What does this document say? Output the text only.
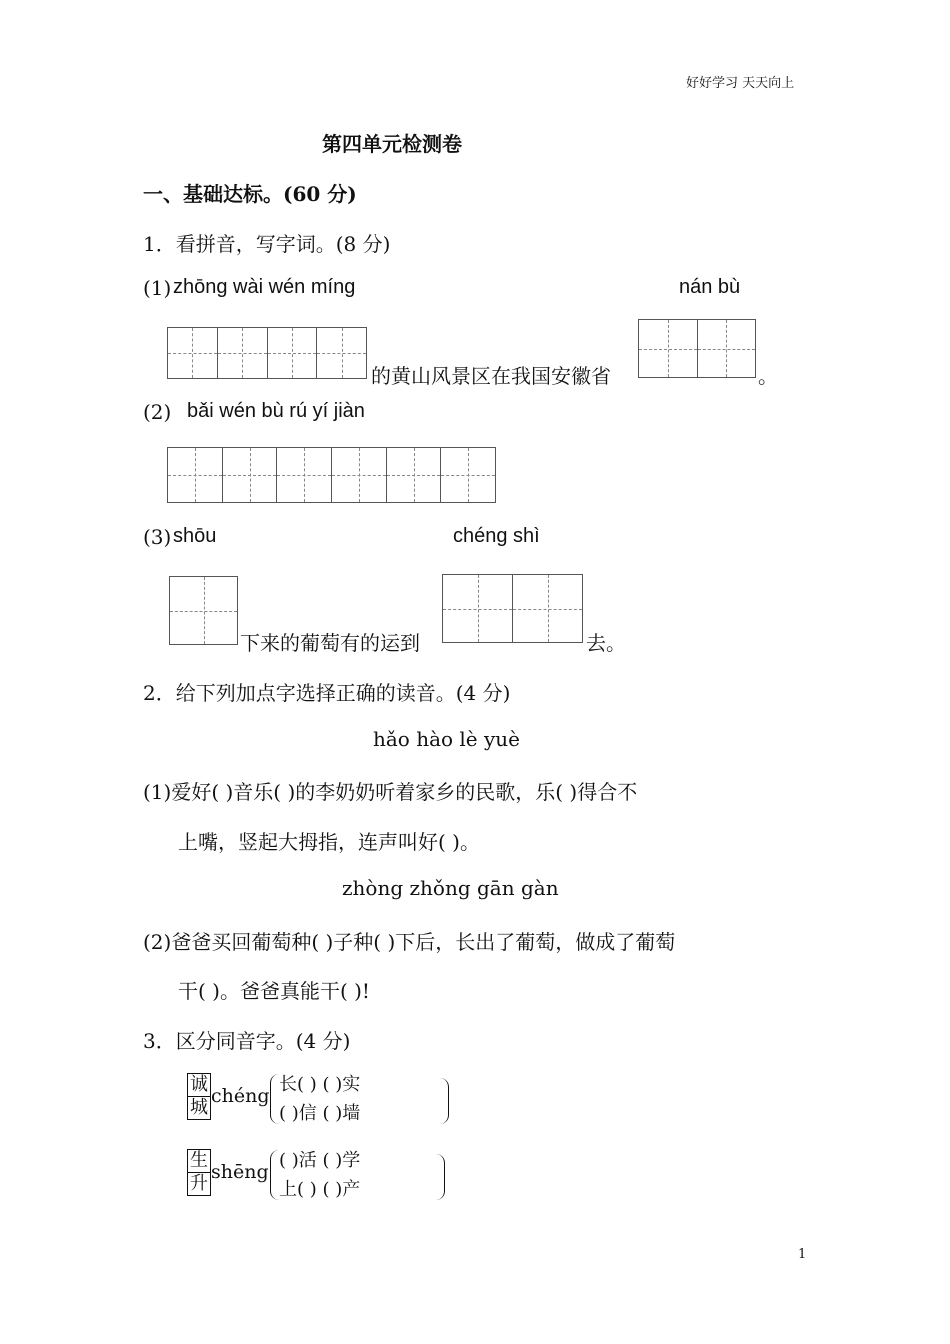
好好学习 天天向上
第四单元检测卷
一、基础达标。(60 分)
1．看拼音，写字词。(8 分)
(1) zhōng wài wén míng	nán bù
的黄山风景区在我国安徽省	。
(2) bǎi wén bù rú yí jiàn
(3) shōu	chéng shì
下来的葡萄有的运到	去。
2．给下列加点字选择正确的读音。(4 分)
hǎo hào lè yuè
(1)爱好( )音乐( )的李奶奶听着家乡的民歌，乐( )得合不
上嘴，竖起大拇指，连声叫好( )。
zhòng zhǒng gān gàn
(2)爸爸买回葡萄种( )子种( )下后，长出了葡萄，做成了葡萄
干( )。爸爸真能干( )!
3．区分同音字。(4 分)
诚
城
chéng
长( ) ( )实
( )信 ( )墙
生
升
shēng
( )活 ( )学
上( ) ( )产
1
